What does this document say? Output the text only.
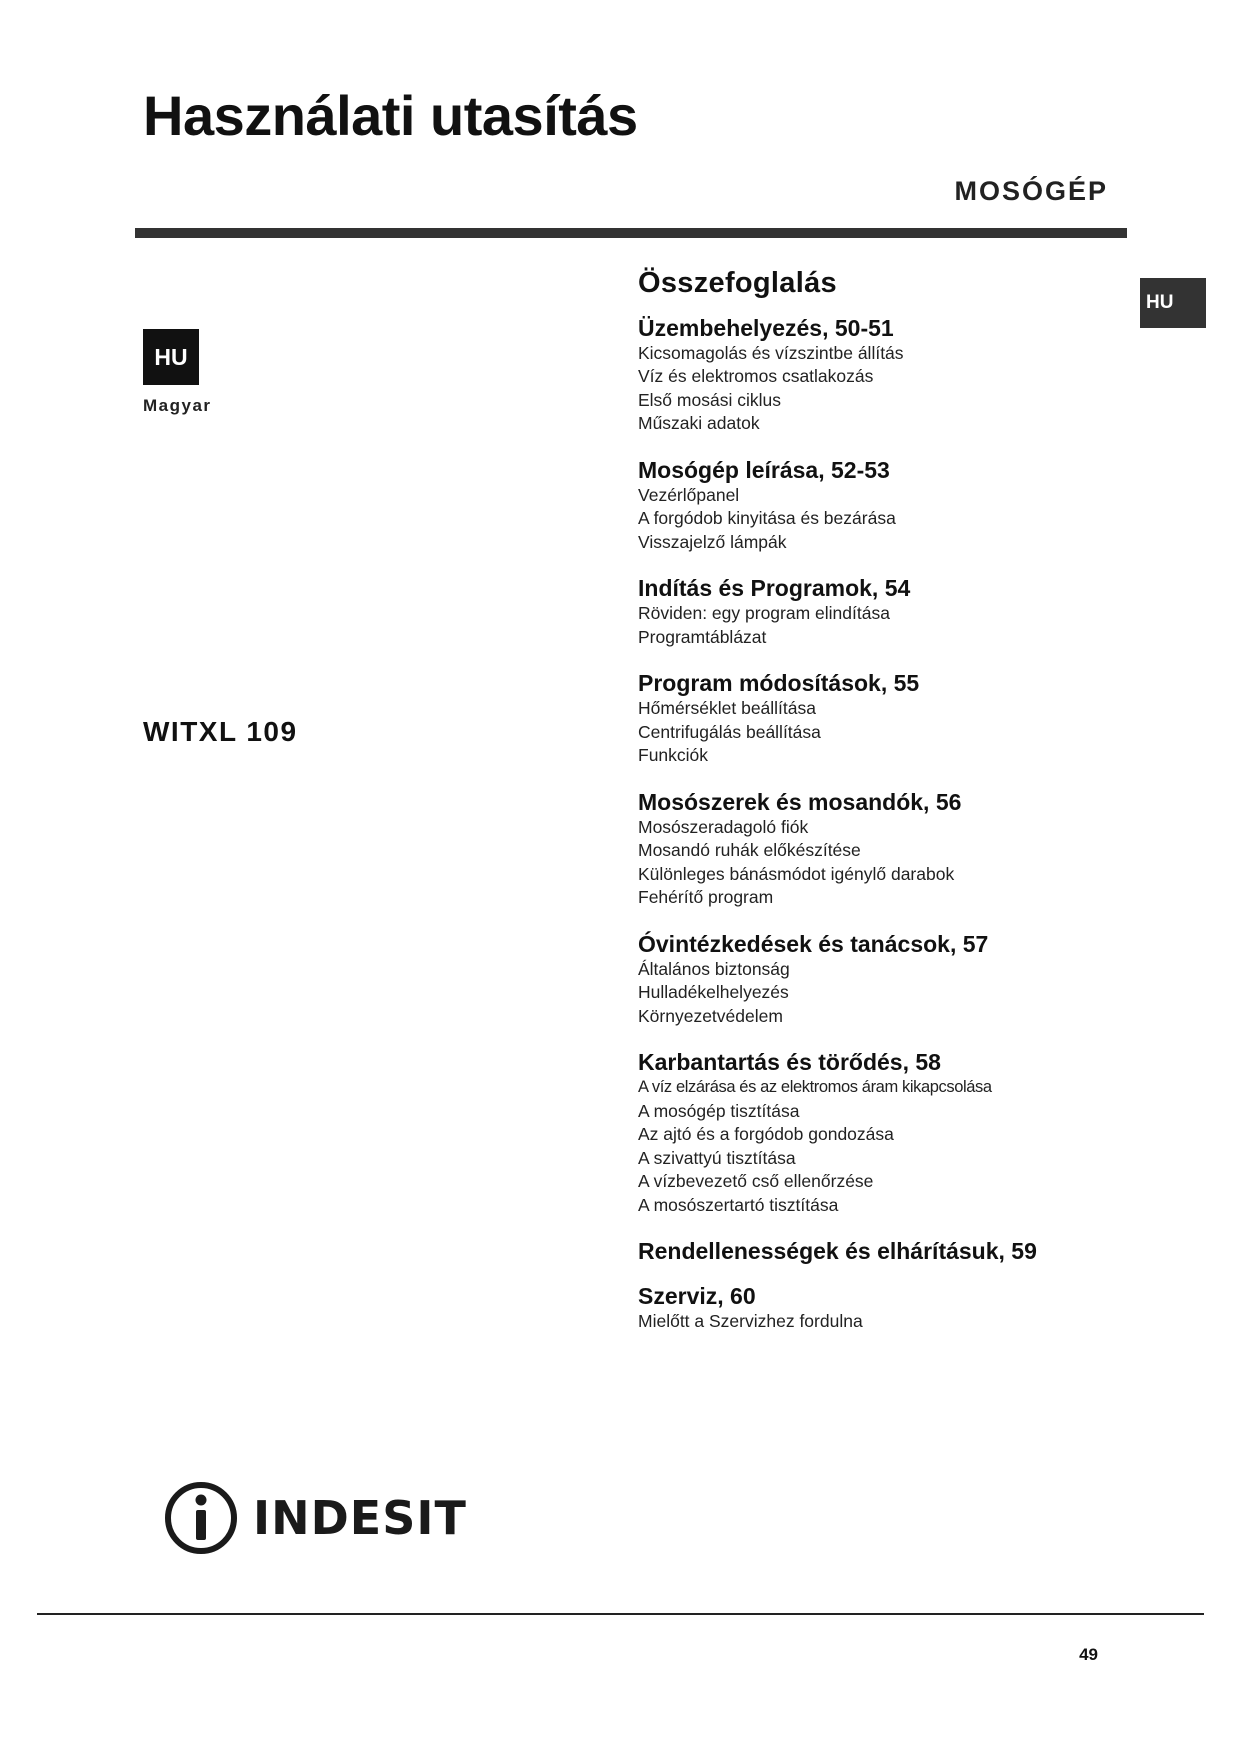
Használati utasítás
MOSÓGÉP
HU
Magyar
WITXL 109
HU
Összefoglalás
Üzembehelyezés, 50-51
Kicsomagolás és vízszintbe állítás
Víz és elektromos csatlakozás
Első mosási ciklus
Műszaki adatok
Mosógép leírása, 52-53
Vezérlőpanel
A forgódob kinyitása és bezárása
Visszajelző lámpák
Indítás és Programok, 54
Röviden: egy program elindítása
Programtáblázat
Program módosítások, 55
Hőmérséklet beállítása
Centrifugálás beállítása
Funkciók
Mosószerek és mosandók, 56
Mosószeradagoló fiók
Mosandó ruhák előkészítése
Különleges bánásmódot igénylő darabok
Fehérítő program
Óvintézkedések és tanácsok, 57
Általános biztonság
Hulladékelhelyezés
Környezetvédelem
Karbantartás és törődés, 58
A víz elzárása és az elektromos áram kikapcsolása
A mosógép tisztítása
Az ajtó és a forgódob gondozása
A szivattyú tisztítása
A vízbevezető cső ellenőrzése
A mosószertartó tisztítása
Rendellenességek és elhárításuk, 59
Szerviz, 60
Mielőtt a Szervizhez fordulna
INDESIT
49
